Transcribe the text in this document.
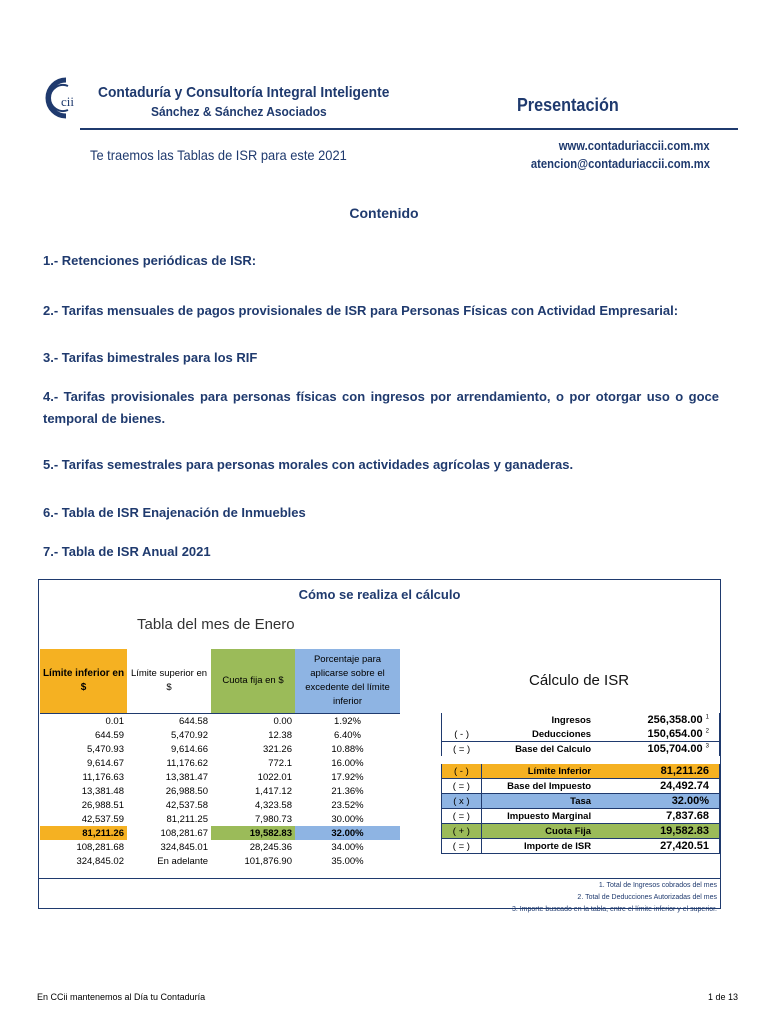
cii
Contaduría y Consultoría Integral Inteligente
Sánchez & Sánchez Asociados	Presentación
Te traemos las Tablas de ISR para este 2021
www.contaduriaccii.com.mx
atencion@contaduriaccii.com.mx
Contenido
1.- Retenciones periódicas de ISR:
2.- Tarifas mensuales de pagos provisionales de ISR para Personas Físicas con Actividad Empresarial:
3.- Tarifas bimestrales para los RIF
4.- Tarifas provisionales para personas físicas con ingresos por arrendamiento, o por otorgar uso o goce temporal de bienes.
5.- Tarifas semestrales para personas morales con actividades agrícolas y ganaderas.
6.- Tabla de ISR Enajenación de Inmuebles
7.- Tabla de ISR Anual 2021
Cómo se realiza el cálculo
Tabla del mes de Enero
Cálculo de ISR
Límite inferior en $	Límite superior en $	Cuota fija en $	Porcentaje para aplicarse sobre el excedente del límite inferior
0.01	644.58	0.00	1.92%
644.59	5,470.92	12.38	6.40%
5,470.93	9,614.66	321.26	10.88%
9,614.67	11,176.62	772.1	16.00%
11,176.63	13,381.47	1022.01	17.92%
13,381.48	26,988.50	1,417.12	21.36%
26,988.51	42,537.58	4,323.58	23.52%
42,537.59	81,211.25	7,980.73	30.00%
81,211.26	108,281.67	19,582.83	32.00%
108,281.68	324,845.01	28,245.36	34.00%
324,845.02	En adelante	101,876.90	35.00%
	Ingresos	256,358.00 $^1$
( - )	Deducciones	150,654.00 $^2$
( = )	Base del Calculo	105,704.00 $^3$
( - )	Límite Inferior	81,211.26
( = )	Base del Impuesto	24,492.74
( x )	Tasa	32.00%
( = )	Impuesto Marginal	7,837.68
( + )	Cuota Fija	19,582.83
( = )	Importe de ISR	27,420.51
1. Total de Ingresos cobrados del mes
2. Total de Deducciones Autorizadas del mes
3. Importe buscado en la tabla, entre el límite inferior y el superior.
En CCii mantenemos al Día tu Contaduría	1 de 13
